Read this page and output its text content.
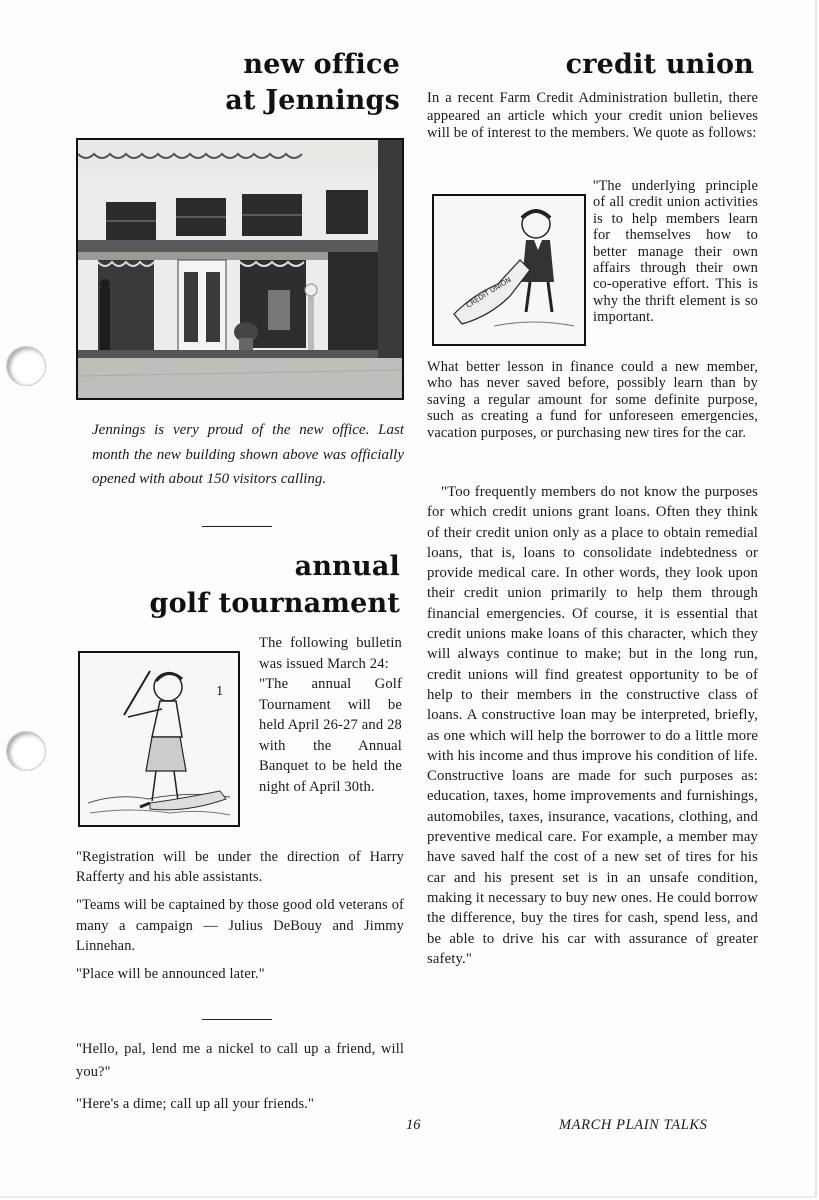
new office
at Jennings
Jennings is very proud of the new office. Last month the new building shown above was officially opened with about 150 visitors calling.
annual
golf tournament
1

The following bulletin was issued March 24:

"The annual Golf Tournament will be held April 26-27 and 28 with the Annual Banquet to be held the night of April 30th.

"Registration will be under the direction of Harry Rafferty and his able assistants.

"Teams will be captained by those good old veterans of many a campaign — Julius DeBouy and Jimmy Linnehan.

"Place will be announced later."

"Hello, pal, lend me a nickel to call up a friend, will you?"

"Here's a dime; call up all your friends."

credit union

In a recent Farm Credit Administration bulletin, there appeared an article which your credit union believes will be of interest to the members. We quote as follows:

CREDIT UNION

''The underlying principle of all credit union activities is to help members learn for themselves how to better manage their own affairs through their own co-operative effort. This is why the thrift element is so important.

What better lesson in finance could a new member, who has never saved before, possibly learn than by saving a regular amount for some definite purpose, such as creating a fund for unforeseen emergencies, vacation purposes, or purchasing new tires for the car.

"Too frequently members do not know the purposes for which credit unions grant loans. Often they think of their credit union only as a place to obtain remedial loans, that is, loans to consolidate indebtedness or provide medical care. In other words, they look upon their credit union primarily to help them through financial emergencies. Of course, it is essential that credit unions make loans of this character, which they will always continue to make; but in the long run, credit unions will find greatest opportunity to be of help to their members in the constructive class of loans. A constructive loan may be interpreted, briefly, as one which will help the borrower to do a little more with his income and thus improve his condition of life. Constructive loans are made for such purposes as: education, taxes, home improvements and furnishings, automobiles, taxes, insurance, vacations, clothing, and preventive medical care. For example, a member may have saved half the cost of a new set of tires for his car and his present set is in an unsafe condition, making it necessary to buy new ones. He could borrow the difference, buy the tires for cash, spend less, and be able to drive his car with assurance of greater safety."

16	MARCH PLAIN TALKS
